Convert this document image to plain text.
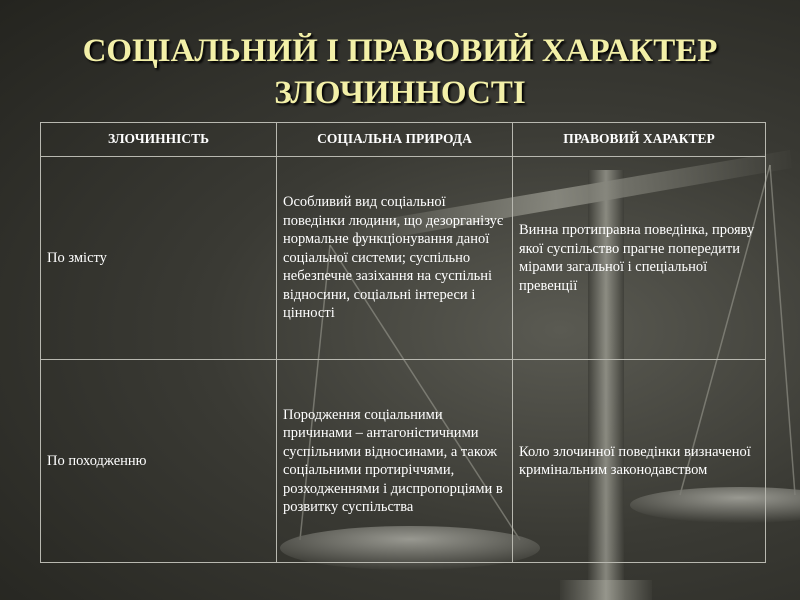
СОЦІАЛЬНИЙ І ПРАВОВИЙ ХАРАКТЕР
ЗЛОЧИННОСТІ
ЗЛОЧИННІСТЬ	СОЦІАЛЬНА ПРИРОДА	ПРАВОВИЙ ХАРАКТЕР
По змісту	Особливий вид соціальної поведінки людини, що дезорганізує нормальне функціонування даної соціальної системи; суспільно небезпечне зазіхання на суспільні відносини, соціальні інтереси і цінності	Винна протиправна поведінка, прояву якої суспільство прагне попередити мірами загальної і спеціальної превенції
По походженню	Породження соціальними причинами – антагоністичними суспільними відносинами, а також соціальними протиріччями, розходженнями і диспропорціями в розвитку суспільства	Коло злочинної поведінки визначеної кримінальним законодавством
